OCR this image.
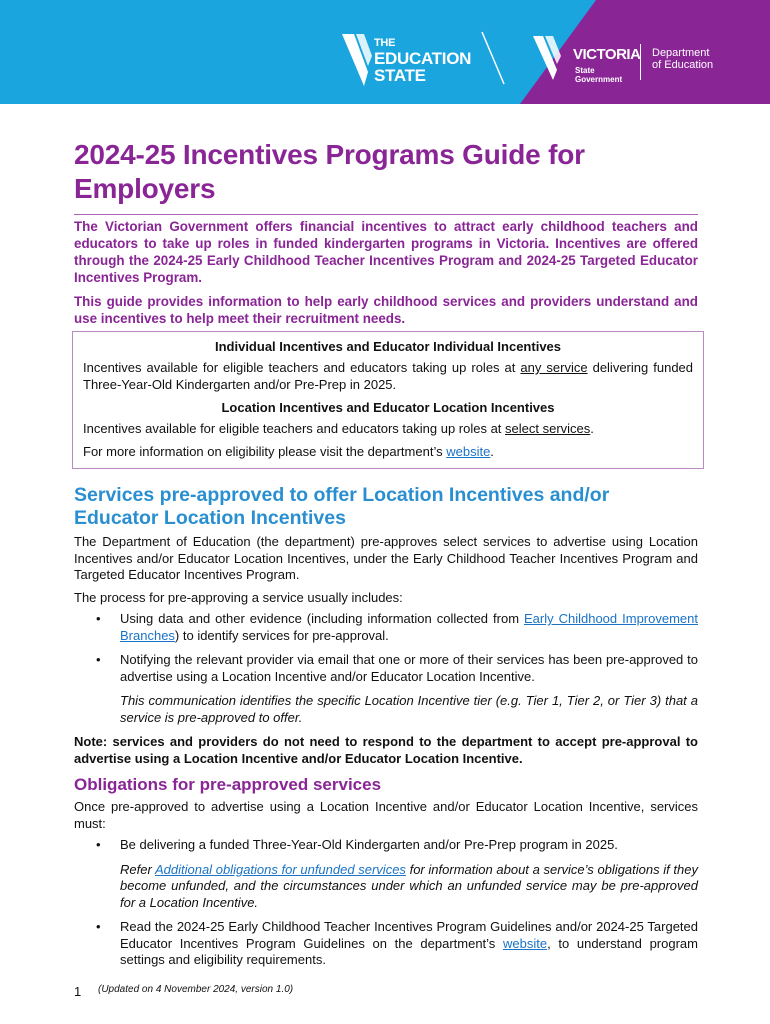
THE
EDUCATION
STATE
VICTORIA
State
Government
Department
of Education
2024-25 Incentives Programs Guide for Employers
The Victorian Government offers financial incentives to attract early childhood teachers and educators to take up roles in funded kindergarten programs in Victoria. Incentives are offered through the 2024-25 Early Childhood Teacher Incentives Program and 2024-25 Targeted Educator Incentives Program.
This guide provides information to help early childhood services and providers understand and use incentives to help meet their recruitment needs.
Individual Incentives and Educator Individual Incentives

Incentives available for eligible teachers and educators taking up roles at any service delivering funded Three-Year-Old Kindergarten and/or Pre-Prep in 2025.

Location Incentives and Educator Location Incentives

Incentives available for eligible teachers and educators taking up roles at select services.

For more information on eligibility please visit the department’s website.

Services pre-approved to offer Location Incentives and/or Educator Location Incentives

The Department of Education (the department) pre-approves select services to advertise using Location Incentives and/or Educator Location Incentives, under the Early Childhood Teacher Incentives Program and Targeted Educator Incentives Program.

The process for pre-approving a service usually includes:

• Using data and other evidence (including information collected from Early Childhood Improvement Branches) to identify services for pre-approval.
• Notifying the relevant provider via email that one or more of their services has been pre-approved to advertise using a Location Incentive and/or Educator Location Incentive.
This communication identifies the specific Location Incentive tier (e.g. Tier 1, Tier 2, or Tier 3) that a service is pre-approved to offer.

Note: services and providers do not need to respond to the department to accept pre-approval to advertise using a Location Incentive and/or Educator Location Incentive.

Obligations for pre-approved services

Once pre-approved to advertise using a Location Incentive and/or Educator Location Incentive, services must:

• Be delivering a funded Three-Year-Old Kindergarten and/or Pre-Prep program in 2025.
Refer Additional obligations for unfunded services for information about a service’s obligations if they become unfunded, and the circumstances under which an unfunded service may be pre-approved for a Location Incentive.
• Read the 2024-25 Early Childhood Teacher Incentives Program Guidelines and/or 2024-25 Targeted Educator Incentives Program Guidelines on the department’s website, to understand program settings and eligibility requirements.
1 (Updated on 4 November 2024, version 1.0)
